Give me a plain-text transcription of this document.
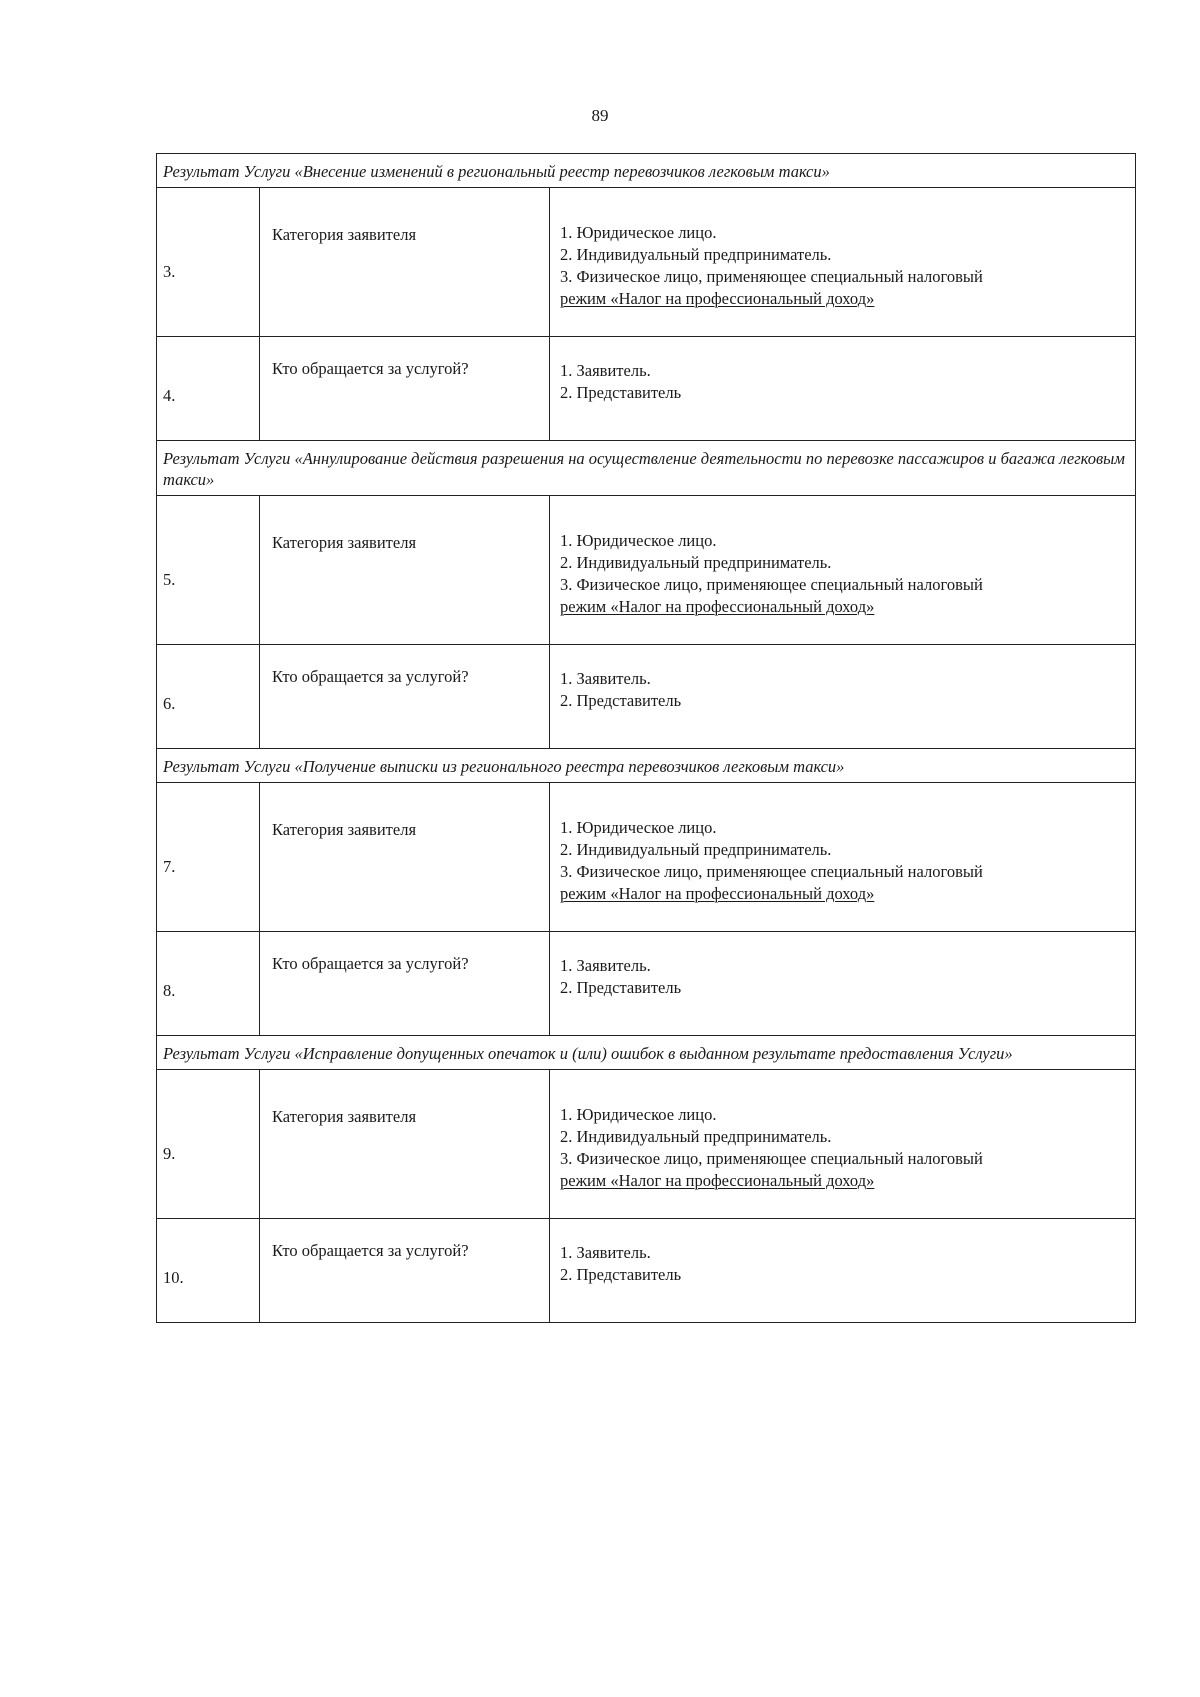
89
Результат Услуги «Внесение изменений в региональный реестр перевозчиков легковым такси»		
3.	Категория заявителя	1. Юридическое лицо.
2. Индивидуальный предприниматель.
3. Физическое лицо, применяющее специальный налоговый
режим «Налог на профессиональный доход»

4.	Кто обращается за услугой?	1. Заявитель.
2. Представитель

Результат Услуги «Аннулирование действия разрешения на осуществление деятельности по перевозке пассажиров и багажа легковым такси»		
5.	Категория заявителя	1. Юридическое лицо.
2. Индивидуальный предприниматель.
3. Физическое лицо, применяющее специальный налоговый
режим «Налог на профессиональный доход»

6.	Кто обращается за услугой?	1. Заявитель.
2. Представитель

Результат Услуги «Получение выписки из регионального реестра перевозчиков легковым такси»		
7.	Категория заявителя	1. Юридическое лицо.
2. Индивидуальный предприниматель.
3. Физическое лицо, применяющее специальный налоговый
режим «Налог на профессиональный доход»

8.	Кто обращается за услугой?	1. Заявитель.
2. Представитель

Результат Услуги «Исправление допущенных опечаток и (или) ошибок в выданном результате предоставления Услуги»		
9.	Категория заявителя	1. Юридическое лицо.
2. Индивидуальный предприниматель.
3. Физическое лицо, применяющее специальный налоговый
режим «Налог на профессиональный доход»

10.	Кто обращается за услугой?	1. Заявитель.
2. Представитель
